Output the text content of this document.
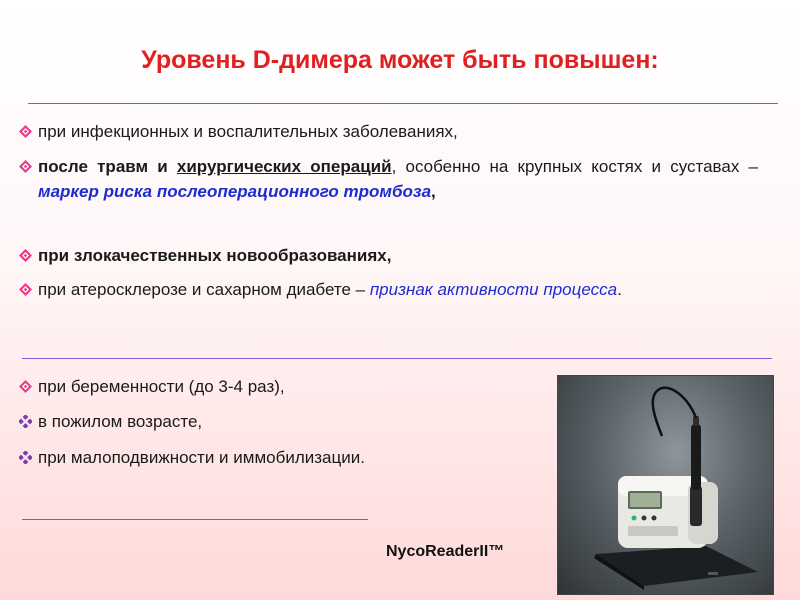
Уровень D-димера может быть повышен:
при инфекционных и воспалительных заболеваниях,
после травм и хирургических операций, особенно на крупных костях и суставах – маркер риска послеоперационного тромбоза,
при злокачественных новообразованиях,
при атеросклерозе и сахарном диабете – признак активности процесса.
при беременности (до 3-4 раз),
в пожилом возрасте,
при малоподвижности и иммобилизации.
NycoReaderII™
